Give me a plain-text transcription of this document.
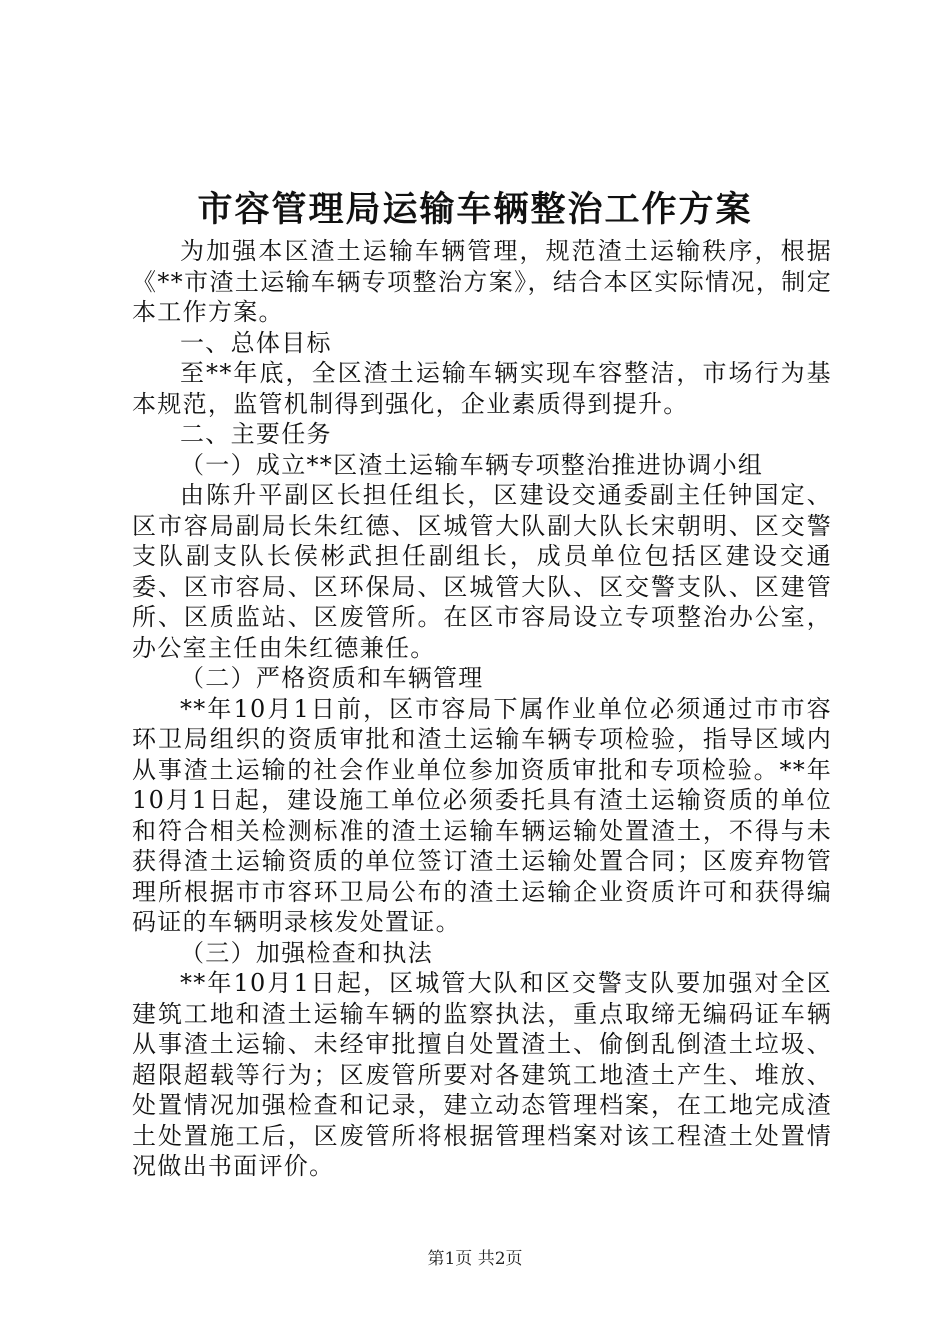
市容管理局运输车辆整治工作方案

为加强本区渣土运输车辆管理，规范渣土运输秩序，根据《**市渣土运输车辆专项整治方案》，结合本区实际情况，制定本工作方案。

一、总体目标

至**年底，全区渣土运输车辆实现车容整洁，市场行为基本规范，监管机制得到强化，企业素质得到提升。

二、主要任务

（一）成立**区渣土运输车辆专项整治推进协调小组

由陈升平副区长担任组长，区建设交通委副主任钟国定、区市容局副局长朱红德、区城管大队副大队长宋朝明、区交警支队副支队长侯彬武担任副组长，成员单位包括区建设交通委、区市容局、区环保局、区城管大队、区交警支队、区建管所、区质监站、区废管所。在区市容局设立专项整治办公室，办公室主任由朱红德兼任。

（二）严格资质和车辆管理

**年10月1日前，区市容局下属作业单位必须通过市市容环卫局组织的资质审批和渣土运输车辆专项检验，指导区域内从事渣土运输的社会作业单位参加资质审批和专项检验。**年10月1日起，建设施工单位必须委托具有渣土运输资质的单位和符合相关检测标准的渣土运输车辆运输处置渣土，不得与未获得渣土运输资质的单位签订渣土运输处置合同；区废弃物管理所根据市市容环卫局公布的渣土运输企业资质许可和获得编码证的车辆明录核发处置证。

（三）加强检查和执法

**年10月1日起，区城管大队和区交警支队要加强对全区建筑工地和渣土运输车辆的监察执法，重点取缔无编码证车辆从事渣土运输、未经审批擅自处置渣土、偷倒乱倒渣土垃圾、超限超载等行为；区废管所要对各建筑工地渣土产生、堆放、处置情况加强检查和记录，建立动态管理档案，在工地完成渣土处置施工后，区废管所将根据管理档案对该工程渣土处置情况做出书面评价。

第1页 共2页
